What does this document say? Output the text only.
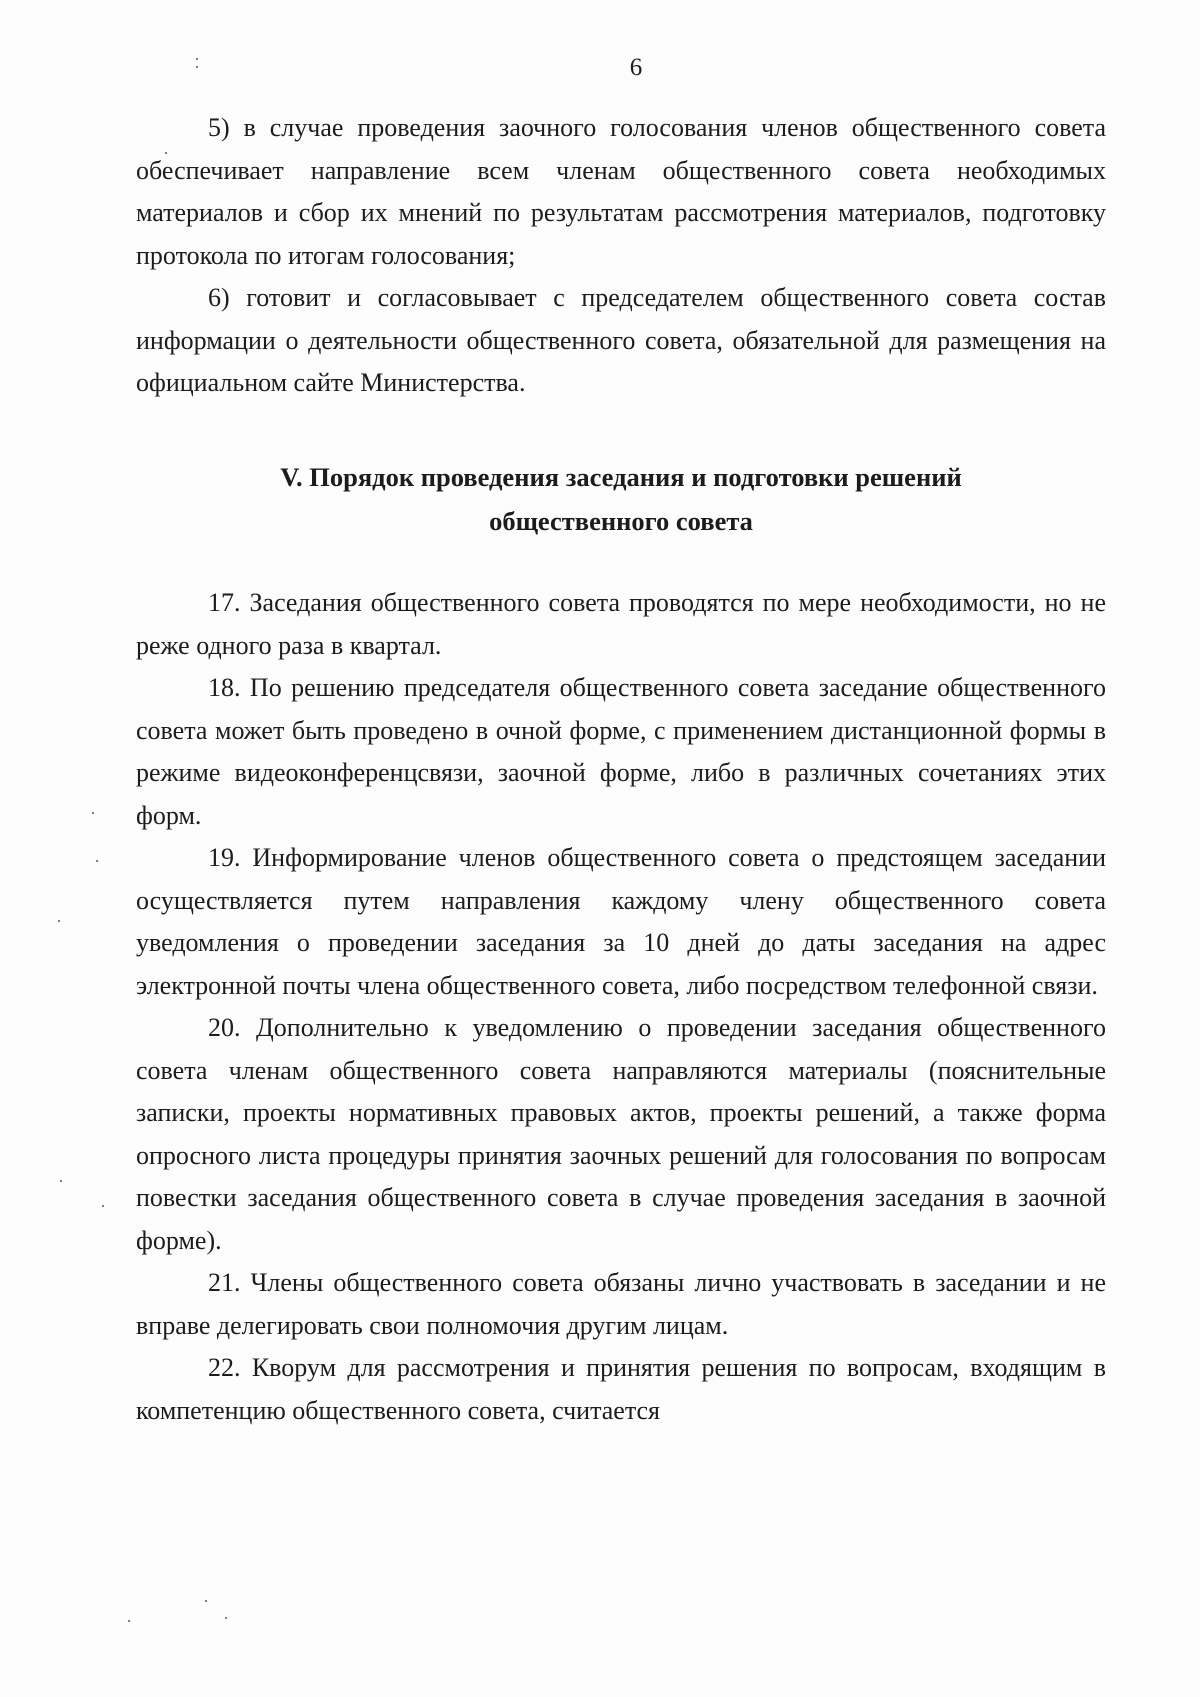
6

5) в случае проведения заочного голосования членов общественного совета обеспечивает направление всем членам общественного совета необходимых материалов и сбор их мнений по результатам рассмотрения материалов, подготовку протокола по итогам голосования;

6) готовит и согласовывает с председателем общественного совета состав информации о деятельности общественного совета, обязательной для размещения на официальном сайте Министерства.

V. Порядок проведения заседания и подготовки решений
общественного совета

17. Заседания общественного совета проводятся по мере необходимости, но не реже одного раза в квартал.

18. По решению председателя общественного совета заседание общественного совета может быть проведено в очной форме, с применением дистанционной формы в режиме видеоконференцсвязи, заочной форме, либо в различных сочетаниях этих форм.

19. Информирование членов общественного совета о предстоящем заседании осуществляется путем направления каждому члену общественного совета уведомления о проведении заседания за 10 дней до даты заседания на адрес электронной почты члена общественного совета, либо посредством телефонной связи.

20. Дополнительно к уведомлению о проведении заседания общественного совета членам общественного совета направляются материалы (пояснительные записки, проекты нормативных правовых актов, проекты решений, а также форма опросного листа процедуры принятия заочных решений для голосования по вопросам повестки заседания общественного совета в случае проведения заседания в заочной форме).

21. Члены общественного совета обязаны лично участвовать в заседании и не вправе делегировать свои полномочия другим лицам.

22. Кворум для рассмотрения и принятия решения по вопросам, входящим в компетенцию общественного совета, считается
